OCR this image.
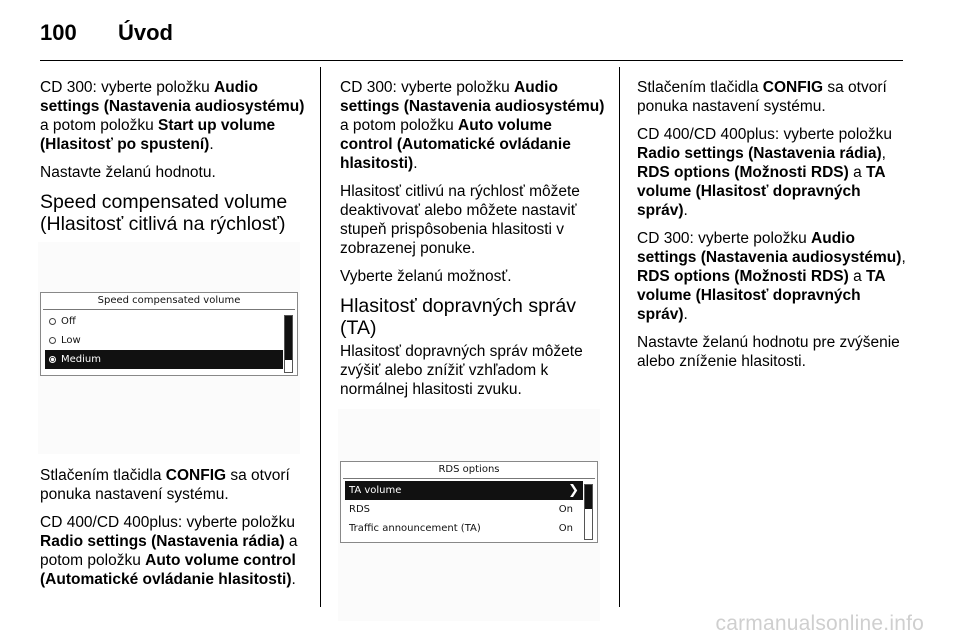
100 Úvod

CD 300: vyberte položku Audio settings (Nastavenia audiosystému) a potom položku Start up volume (Hlasitosť po spustení).

Nastavte želanú hodnotu.

Speed compensated volume (Hlasitosť citlivá na rýchlosť)
Speed compensated volume
Off
Low
Medium

Stlačením tlačidla CONFIG sa otvorí ponuka nastavení systému.

CD 400/CD 400plus: vyberte položku Radio settings (Nastavenia rádia) a potom položku Auto volume control (Automatické ovládanie hlasitosti).

CD 300: vyberte položku Audio settings (Nastavenia audiosystému) a potom položku Auto volume control (Automatické ovládanie hlasitosti).

Hlasitosť citlivú na rýchlosť môžete deaktivovať alebo môžete nastaviť stupeň prispôsobenia hlasitosti v zobrazenej ponuke.

Vyberte želanú možnosť.

Hlasitosť dopravných správ (TA)

Hlasitosť dopravných správ môžete zvýšiť alebo znížiť vzhľadom k normálnej hlasitosti zvuku.

RDS options
TA volume	❯
RDS	On
Traffic announcement (TA)	On

Stlačením tlačidla CONFIG sa otvorí ponuka nastavení systému.

CD 400/CD 400plus: vyberte položku Radio settings (Nastavenia rádia), RDS options (Možnosti RDS) a TA volume (Hlasitosť dopravných správ).

CD 300: vyberte položku Audio settings (Nastavenia audiosystému), RDS options (Možnosti RDS) a TA volume (Hlasitosť dopravných správ).

Nastavte želanú hodnotu pre zvýšenie alebo zníženie hlasitosti.

carmanualsonline.info
